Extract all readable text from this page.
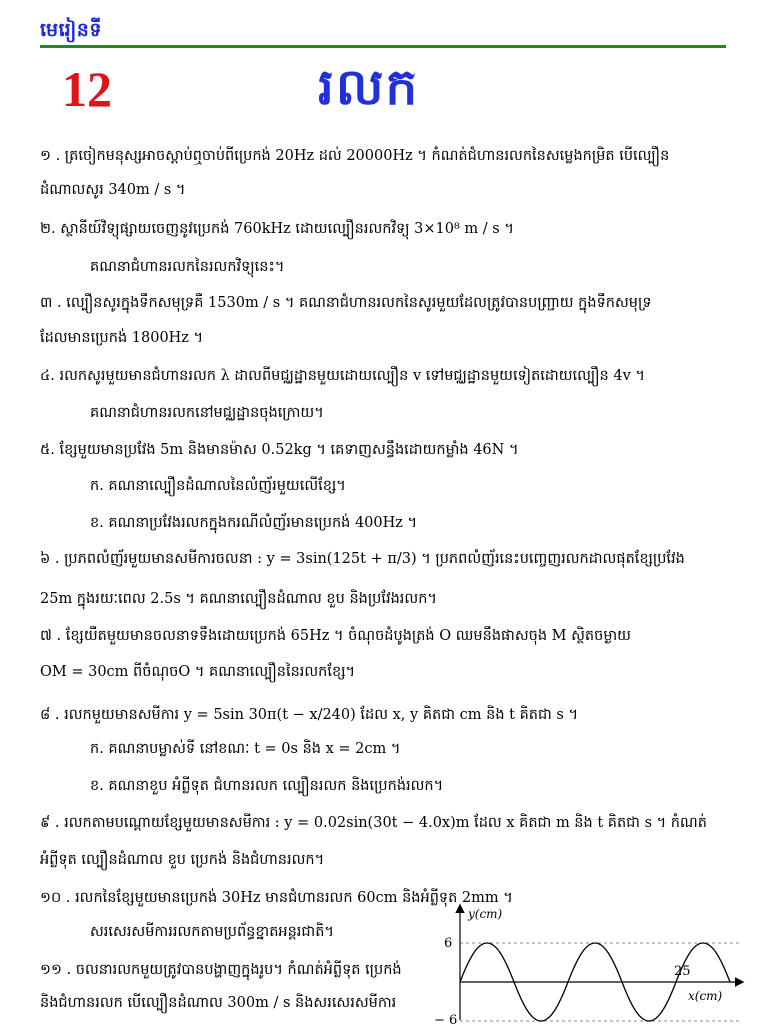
មេរៀនទី
12	រលក
១ . ត្រចៀកមនុស្សអាចស្តាប់ឮចាប់ពីប្រេកង់ 20Hz ដល់ 20000Hz ។ កំណត់ជំហានរលកនៃសម្លេងកម្រិត បើល្បឿន
ដំណាលសូរ 340m / s ។
២. ស្ថានីយ៍វិទ្យុផ្សាយចេញនូវប្រេកង់ 760kHz ដោយល្បឿនរលកវិទ្យុ 3×10⁸ m / s ។
គណនាជំហានរលកនៃរលកវិទ្យុនេះ។
៣ . ល្បឿនសូរក្នុងទឹកសមុទ្រគឺ 1530m / s ។ គណនាជំហានរលកនៃសូរមួយដែលត្រូវបានបញ្ជ្រាយ ក្នុងទឹកសមុទ្រ
ដែលមានប្រេកង់ 1800Hz ។
៤. រលកសូរមួយមានជំហានរលក λ ដាលពីមជ្ឈដ្ឋានមួយដោយល្បឿន v ទៅមជ្ឈដ្ឋានមួយទៀតដោយល្បឿន 4v ។
គណនាជំហានរលកនៅមជ្ឈដ្ឋានចុងក្រោយ។
៥. ខ្សែមួយមានប្រវែង 5m និងមានម៉ាស 0.52kg ។ គេទាញសន្ធឹងដោយកម្លាំង 46N ។
ក. គណនាល្បឿនដំណាលនៃលំញ័រមួយលើខ្សែ។
ខ. គណនាប្រវែងរលកក្នុងករណីលំញ័រមានប្រេកង់ 400Hz ។
៦ . ប្រភពលំញ័រមួយមានសមីការចលនា : y = 3sin(125t + π/3) ។ ប្រភពលំញ័រនេះបញ្ចេញរលកដាលផុតខ្សែប្រវែង
25m ក្នុងរយៈពេល 2.5s ។ គណនាល្បឿនដំណាល ខួប និងប្រវែងរលក។
៧ . ខ្សែយឺតមួយមានចលនាទទឹងដោយប្រេកង់ 65Hz ។ ចំណុចដំបូងត្រង់ O ឈមនឹងផាសចុង M ស្ថិតចម្ងាយ
OM = 30cm ពីចំណុចO ។ គណនាល្បឿននៃរលកខ្សែ។
៨ . រលកមួយមានសមីការ y = 5sin 30π(t − x/240) ដែល x, y គិតជា cm និង t គិតជា s ។
ក. គណនាបម្លាស់ទី នៅខណៈ t = 0s និង x = 2cm ។
ខ. គណនាខួប អំព្លីទុត ជំហានរលក ល្បឿនរលក និងប្រេកង់រលក។
៩ . រលកតាមបណ្តោយខ្សែមួយមានសមីការ : y = 0.02sin(30t − 4.0x)m ដែល x គិតជា m និង t គិតជា s ។ កំណត់
អំព្លីទុត ល្បឿនដំណាល ខួប ប្រេកង់ និងជំហានរលក។
១០ . រលកនៃខ្សែមួយមានប្រេកង់ 30Hz មានជំហានរលក 60cm និងអំព្លីទុត 2mm ។
សរសេរសមីការរលកតាមប្រព័ន្ធខ្នាតអន្តរជាតិ។
១១ . ចលនារលកមួយត្រូវបានបង្ហាញក្នុងរូប។ កំណត់អំព្លីទុត ប្រេកង់
និងជំហានរលក បើល្បឿនដំណាល 300m / s និងសរសេរសមីការ
y(cm)
x(cm)
6
− 6
25
